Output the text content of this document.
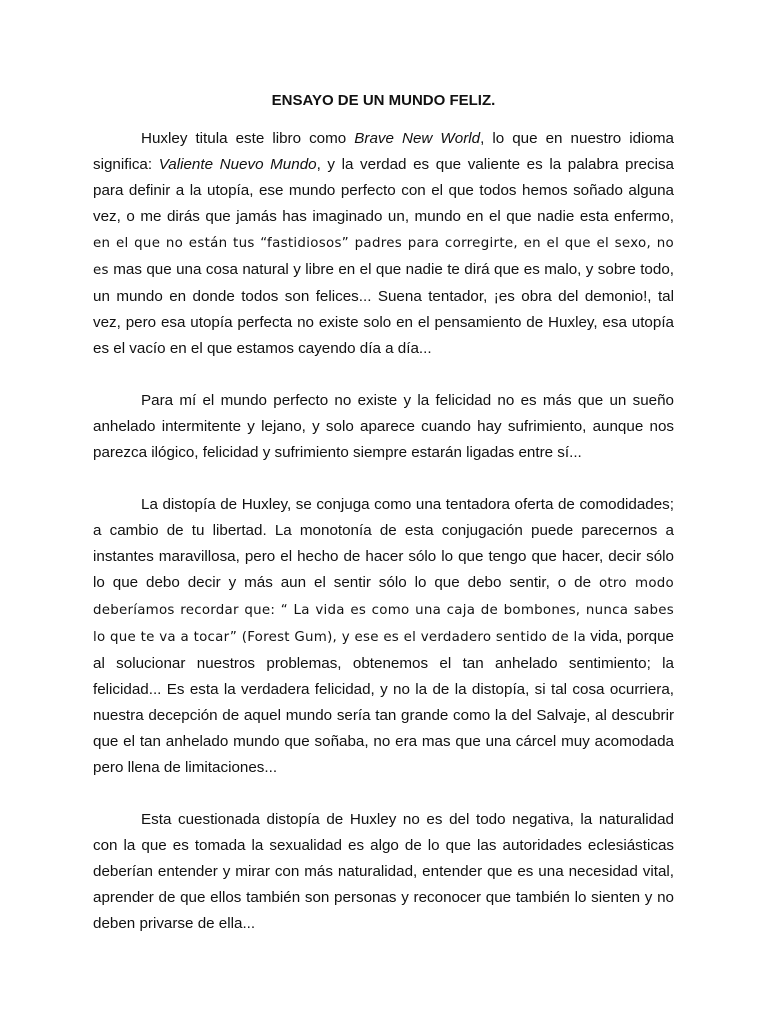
ENSAYO DE UN MUNDO FELIZ.

Huxley titula este libro como Brave New World, lo que en nuestro idioma significa: Valiente Nuevo Mundo, y la verdad es que valiente es la palabra precisa para definir a la utopía, ese mundo perfecto con el que todos hemos soñado alguna vez, o me dirás que jamás has imaginado un, mundo en el que nadie esta enfermo, en el que no están tus “fastidiosos” padres para corregirte, en el que el sexo, no es mas que una cosa natural y libre en el que nadie te dirá que es malo, y sobre todo, un mundo en donde todos son felices... Suena tentador, ¡es obra del demonio!, tal vez, pero esa utopía perfecta no existe solo en el pensamiento de Huxley, esa utopía es el vacío en el que estamos cayendo día a día...

Para mí el mundo perfecto no existe y la felicidad no es más que un sueño anhelado intermitente y lejano, y solo aparece cuando hay sufrimiento, aunque nos parezca ilógico, felicidad y sufrimiento siempre estarán ligadas entre sí...

La distopía de Huxley, se conjuga como una tentadora oferta de comodidades; a cambio de tu libertad. La monotonía de esta conjugación puede parecernos a instantes maravillosa, pero el hecho de hacer sólo lo que tengo que hacer, decir sólo lo que debo decir y más aun el sentir sólo lo que debo sentir, o de otro modo deberíamos recordar que: “ La vida es como una caja de bombones, nunca sabes lo que te va a tocar” (Forest Gum), y ese es el verdadero sentido de la vida, porque al solucionar nuestros problemas, obtenemos el tan anhelado sentimiento; la felicidad... Es esta la verdadera felicidad, y no la de la distopía, si tal cosa ocurriera, nuestra decepción de aquel mundo sería tan grande como la del Salvaje, al descubrir que el tan anhelado mundo que soñaba, no era mas que una cárcel muy acomodada pero llena de limitaciones...

Esta cuestionada distopía de Huxley no es del todo negativa, la naturalidad con la que es tomada la sexualidad es algo de lo que las autoridades eclesiásticas deberían entender y mirar con más naturalidad, entender que es una necesidad vital, aprender de que ellos también son personas y reconocer que también lo sienten y no deben privarse de ella...
